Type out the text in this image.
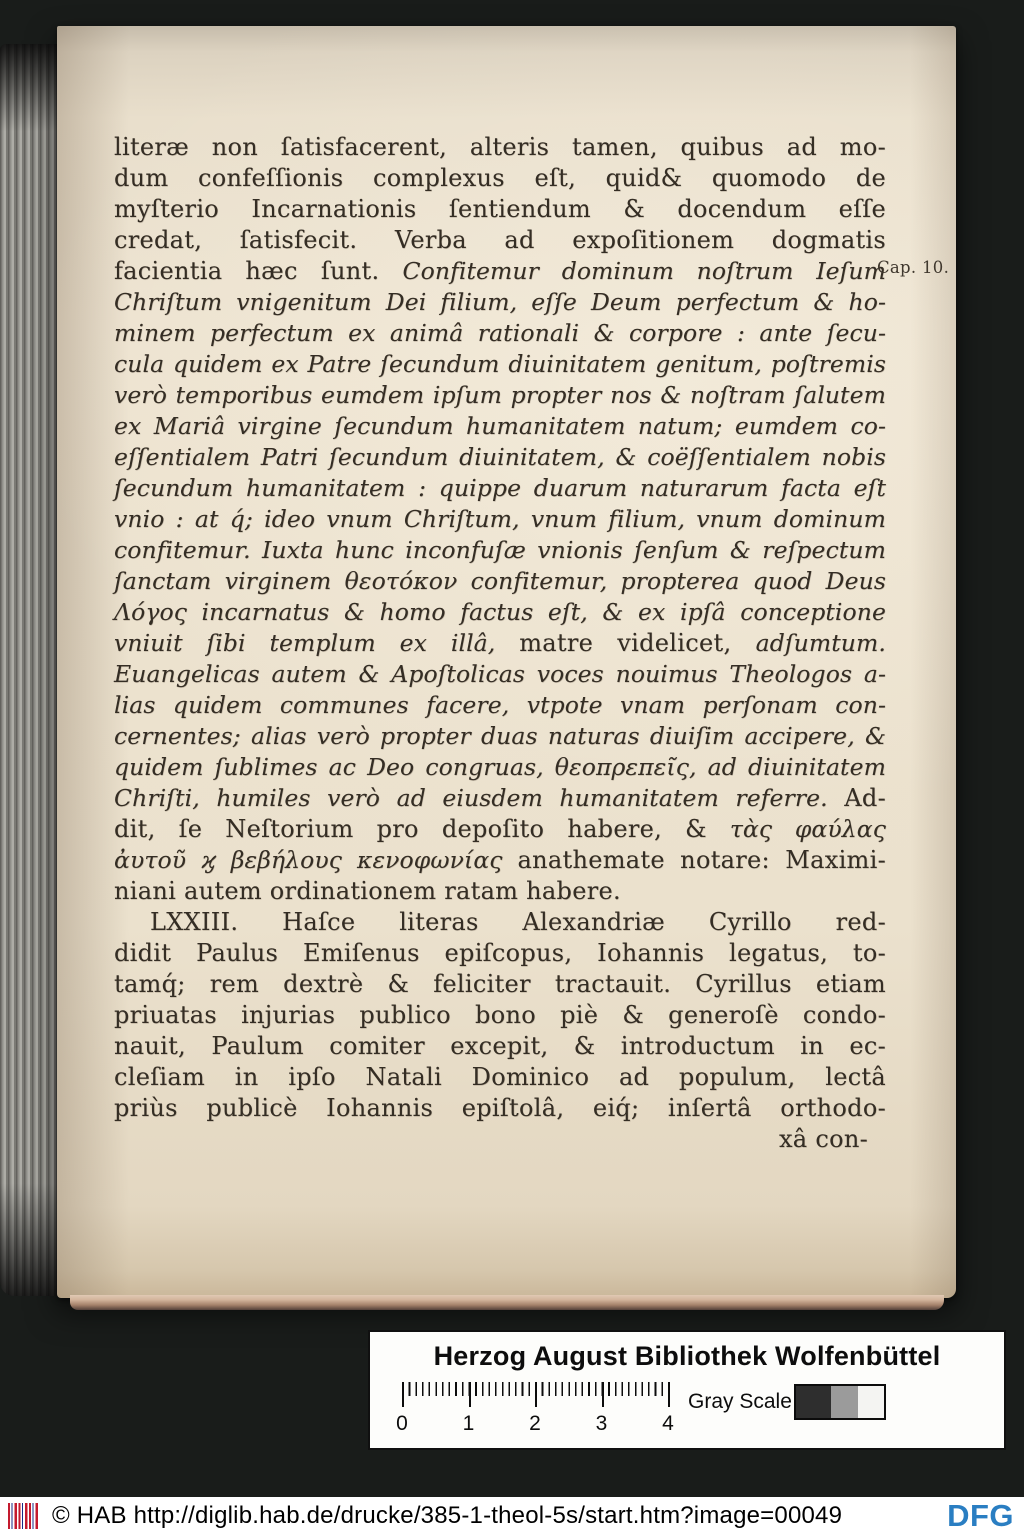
literæ non ſatisfacerent, alteris tamen, quibus ad mo-
dum confeſſionis complexus eſt, quid& quomodo de
myſterio Incarnationis ſentiendum & docendum eſſe
credat, ſatisfecit. Verba ad expoſitionem dogmatis
facientia hæc ſunt. Confitemur dominum noſtrum Ieſum
Chriſtum vnigenitum Dei filium, eſſe Deum perfectum & ho-
minem perfectum ex animâ rationali & corpore : ante ſecu-
cula quidem ex Patre ſecundum diuinitatem genitum, poſtremis
verò temporibus eumdem ipſum propter nos & noſtram ſalutem
ex Mariâ virgine ſecundum humanitatem natum; eumdem co-
eſſentialem Patri ſecundum diuinitatem, & coëſſentialem nobis
ſecundum humanitatem : quippe duarum naturarum facta eſt
vnio : at q́; ideo vnum Chriſtum, vnum filium, vnum dominum
confitemur. Iuxta hunc inconfuſæ vnionis ſenſum & reſpectum
ſanctam virginem θεοτόκον confitemur, propterea quod Deus
Λόγος incarnatus & homo factus eſt, & ex ipſâ conceptione
vniuit ſibi templum ex illâ, matre videlicet, adſumtum.
Euangelicas autem & Apoſtolicas voces nouimus Theologos a-
lias quidem communes facere, vtpote vnam perſonam con-
cernentes; alias verò propter duas naturas diuiſim accipere, &
quidem ſublimes ac Deo congruas, θεοπρεπεῖς, ad diuinitatem
Chriſti, humiles verò ad eiusdem humanitatem referre. Ad-
dit, ſe Neſtorium pro depoſito habere, & τὰς φαύλας
ἀυτοῦ ϗ βεβήλους κενοφωνίας anathemate notare: Maximi-
niani autem ordinationem ratam habere.
LXXIII. Haſce literas Alexandriæ Cyrillo red-
didit Paulus Emiſenus epiſcopus, Iohannis legatus, to-
tamq́; rem dextrè & feliciter tractauit. Cyrillus etiam
priuatas injurias publico bono piè & generoſè condo-
nauit, Paulum comiter excepit, & introductum in ec-
cleſiam in ipſo Natali Dominico ad populum, lectâ
priùs publicè Iohannis epiſtolâ, eiq́; inſertâ orthodo-
xâ con-
Cap. 10.
Herzog August Bibliothek Wolfenbüttel
0	1	2	3	4
Gray Scale
© HAB http://diglib.hab.de/drucke/385-1-theol-5s/start.htm?image=00049	DFG
